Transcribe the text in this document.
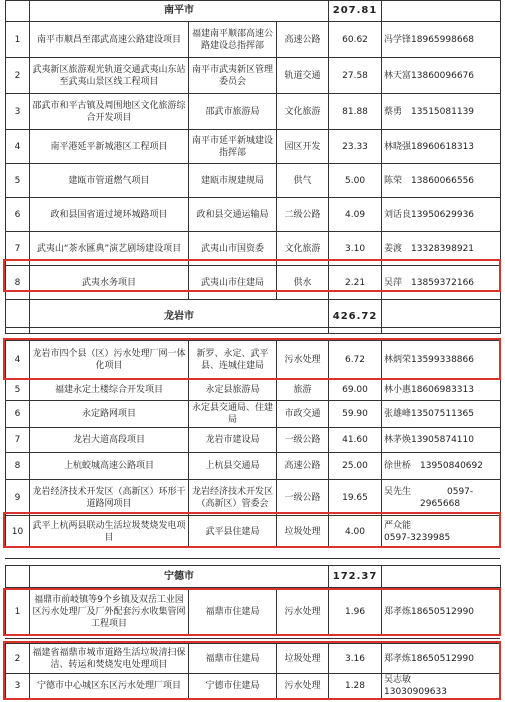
	南平市			207.81	
1	南平市顺昌至邵武高速公路建设项目	福建南平顺邵高速公路建设总指挥部	高速公路	60.62	冯学锋18965998668
2	武夷新区旅游观光轨道交通武夷山东站至武夷山景区线工程项目	南平市武夷新区管理委员会	轨道交通	27.58	林天富13860096676
3	邵武市和平古镇及周围地区文化旅游综合开发项目	邵武市旅游局	文化旅游	81.88	蔡勇　13515081139
4	南平港延平新城港区工程项目	南平市延平新城建设指挥部	园区开发	23.33	林晓强18960618313
5	建瓯市管道燃气项目	建瓯市规建规局	供气	5.00	陈荣　13860066556
6	政和县国省道过境环城路项目	政和县交通运输局	二级公路	4.09	刘话良13950629936
7	武夷山“茶水匯典”演艺剧场建设项目	武夷山市国资委	文化旅游	3.10	姜渡　13328398921
8	武夷水务项目	武夷山市住建局	供水	2.21	吴萍　13859372166
	龙岩市			426.72	
4	龙岩市四个县（区）污水处理厂网一体化项目	新罗、永定、武平县、连城住建局	污水处理	6.72	林炳荣13599338866
5	福建永定土楼综合开发项目	永定县旅游局	旅游	69.00	林小惠18606983313
6	永定路网项目	永定县交通局、住建局	市政交通	59.90	张雄峰13507511365
7	龙岩大道高段项目	龙岩市建设局	一级公路	41.60	林茅焕13905874110
8	上杭蛟城高速公路项目	上杭县交通局	高速公路	25.00	徐世桥　13950840692
9	龙岩经济技术开发区（高新区）环形干道路网项目	龙岩经济技术开发区（高新区）管委会	一级公路	19.65	吴先生　　　　0597-
　　　　2965668
10	武平上杭两县联动生活垃圾焚烧发电项目	武平县住建局	垃圾处理	4.00	严众能
0597-3239985
	宁德市			172.37	
1	福鼎市前岐镇等9个乡镇及双岳工业园区污水处理厂及厂外配套污水收集管网工程项目	福鼎市住建局	污水处理	1.96	郑孝炼18650512990
2	福建省福鼎市城市道路生活垃圾清扫保洁、转运和焚烧发电处理项目	福鼎市住建局	垃圾处理	3.16	郑孝炼18650512990
3	宁德市中心城区东区污水处理厂项目	宁德市住建局	污水处理	1.28	吴志敏
13030909633
